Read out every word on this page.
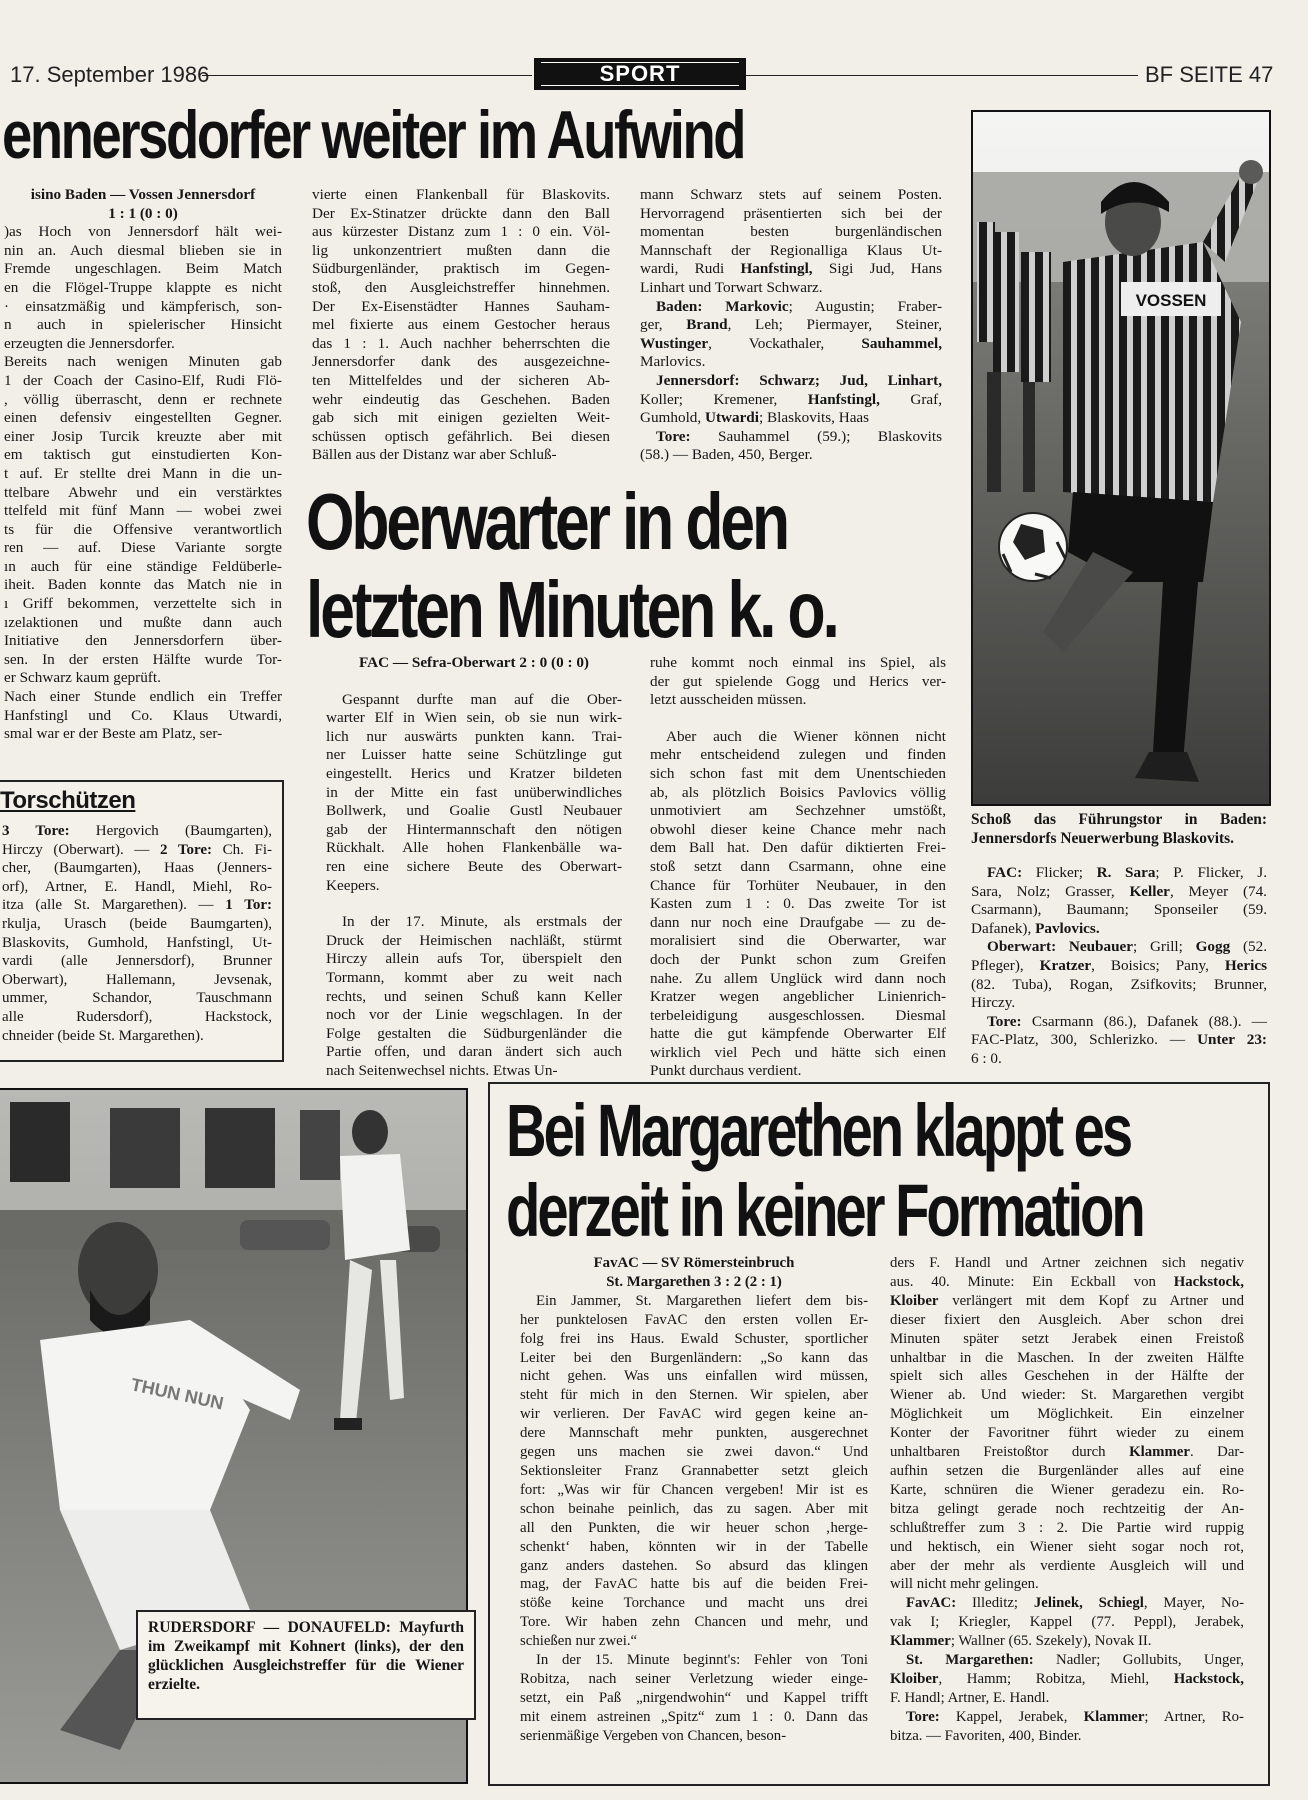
17. September 1986	SPORT	BF SEITE 47
ennersdorfer weiter im Aufwind

isino Baden — Vossen Jennersdorf

1 : 1 (0 : 0)

)as Hoch von Jennersdorf hält wei-

nin an. Auch diesmal blieben sie in

Fremde ungeschlagen. Beim Match

en die Flögel-Truppe klappte es nicht

· einsatzmäßig und kämpferisch, son-

n auch in spielerischer Hinsicht

erzeugten die Jennersdorfer.

Bereits nach wenigen Minuten gab

1 der Coach der Casino-Elf, Rudi Flö-

, völlig überrascht, denn er rechnete

einen defensiv eingestellten Gegner.

einer Josip Turcik kreuzte aber mit

em taktisch gut einstudierten Kon-

t auf. Er stellte drei Mann in die un-

ttelbare Abwehr und ein verstärktes

ttelfeld mit fünf Mann — wobei zwei

ts für die Offensive verantwortlich

ren — auf. Diese Variante sorgte

ın auch für eine ständige Feldüberle-

iheit. Baden konnte das Match nie in

ı Griff bekommen, verzettelte sich in

ızelaktionen und mußte dann auch

Initiative den Jennersdorfern über-

sen. In der ersten Hälfte wurde Tor-

er Schwarz kaum geprüft.

Nach einer Stunde endlich ein Treffer

Hanfstingl und Co. Klaus Utwardi,

smal war er der Beste am Platz, ser-

vierte einen Flankenball für Blaskovits.

Der Ex-Stinatzer drückte dann den Ball

aus kürzester Distanz zum 1 : 0 ein. Völ-

lig unkonzentriert mußten dann die

Südburgenländer, praktisch im Gegen-

stoß, den Ausgleichstreffer hinnehmen.

Der Ex-Eisenstädter Hannes Sauham-

mel fixierte aus einem Gestocher heraus

das 1 : 1. Auch nachher beherrschten die

Jennersdorfer dank des ausgezeichne-

ten Mittelfeldes und der sicheren Ab-

wehr eindeutig das Geschehen. Baden

gab sich mit einigen gezielten Weit-

schüssen optisch gefährlich. Bei diesen

Bällen aus der Distanz war aber Schluß-

mann Schwarz stets auf seinem Posten.

Hervorragend präsentierten sich bei der

momentan besten burgenländischen

Mannschaft der Regionalliga Klaus Ut-

wardi, Rudi Hanfstingl, Sigi Jud, Hans

Linhart und Torwart Schwarz.

Baden: Markovic; Augustin; Fraber-

ger, Brand, Leh; Piermayer, Steiner,

Wustinger, Vockathaler, Sauhammel,

Marlovics.

Jennersdorf: Schwarz; Jud, Linhart,

Koller; Kremener, Hanfstingl, Graf,

Gumhold, Utwardi; Blaskovits, Haas

Tore: Sauhammel (59.); Blaskovits

(58.) — Baden, 450, Berger.

Torschützen

3 Tore: Hergovich (Baumgarten),

Hirczy (Oberwart). — 2 Tore: Ch. Fi-

cher, (Baumgarten), Haas (Jenners-

orf), Artner, E. Handl, Miehl, Ro-

itza (alle St. Margarethen). — 1 Tor:

rkulja, Urasch (beide Baumgarten),

Blaskovits, Gumhold, Hanfstingl, Ut-

vardi (alle Jennersdorf), Brunner

Oberwart), Hallemann, Jevsenak,

ummer, Schandor, Tauschmann

alle Rudersdorf), Hackstock,

chneider (beide St. Margarethen).

VOSSEN
Schoß das Führungstor in Baden: Jennersdorfs Neuerwerbung Blaskovits.

FAC: Flicker; R. Sara; P. Flicker, J.

Sara, Nolz; Grasser, Keller, Meyer (74.

Csarmann), Baumann; Sponseiler (59.

Dafanek), Pavlovics.

Oberwart: Neubauer; Grill; Gogg (52.

Pfleger), Kratzer, Boisics; Pany, Herics

(82. Tuba), Rogan, Zsifkovits; Brunner,

Hirczy.

Tore: Csarmann (86.), Dafanek (88.). —

FAC-Platz, 300, Schlerizko. — Unter 23:

6 : 0.

Oberwarter in den
letzten Minuten k. o.

FAC — Sefra-Oberwart 2 : 0 (0 : 0)

Gespannt durfte man auf die Ober-

warter Elf in Wien sein, ob sie nun wirk-

lich nur auswärts punkten kann. Trai-

ner Luisser hatte seine Schützlinge gut

eingestellt. Herics und Kratzer bildeten

in der Mitte ein fast unüberwindliches

Bollwerk, und Goalie Gustl Neubauer

gab der Hintermannschaft den nötigen

Rückhalt. Alle hohen Flankenbälle wa-

ren eine sichere Beute des Oberwart-

Keepers.

In der 17. Minute, als erstmals der

Druck der Heimischen nachläßt, stürmt

Hirczy allein aufs Tor, überspielt den

Tormann, kommt aber zu weit nach

rechts, und seinen Schuß kann Keller

noch vor der Linie wegschlagen. In der

Folge gestalten die Südburgenländer die

Partie offen, und daran ändert sich auch

nach Seitenwechsel nichts. Etwas Un-

ruhe kommt noch einmal ins Spiel, als

der gut spielende Gogg und Herics ver-

letzt ausscheiden müssen.

Aber auch die Wiener können nicht

mehr entscheidend zulegen und finden

sich schon fast mit dem Unentschieden

ab, als plötzlich Boisics Pavlovics völlig

unmotiviert am Sechzehner umstößt,

obwohl dieser keine Chance mehr nach

dem Ball hat. Den dafür diktierten Frei-

stoß setzt dann Csarmann, ohne eine

Chance für Torhüter Neubauer, in den

Kasten zum 1 : 0. Das zweite Tor ist

dann nur noch eine Draufgabe — zu de-

moralisiert sind die Oberwarter, war

doch der Punkt schon zum Greifen

nahe. Zu allem Unglück wird dann noch

Kratzer wegen angeblicher Linienrich-

terbeleidigung ausgeschlossen. Diesmal

hatte die gut kämpfende Oberwarter Elf

wirklich viel Pech und hätte sich einen

Punkt durchaus verdient.

THUN NUN
RUDERSDORF — DONAUFELD: Mayfurth im Zweikampf mit Kohnert (links), der den glücklichen Ausgleichstreffer für die Wiener erzielte.
Bei Margarethen klappt es
derzeit in keiner Formation

FavAC — SV Römersteinbruch

St. Margarethen 3 : 2 (2 : 1)

Ein Jammer, St. Margarethen liefert dem bis-

her punktelosen FavAC den ersten vollen Er-

folg frei ins Haus. Ewald Schuster, sportlicher

Leiter bei den Burgenländern: „So kann das

nicht gehen. Was uns einfallen wird müssen,

steht für mich in den Sternen. Wir spielen, aber

wir verlieren. Der FavAC wird gegen keine an-

dere Mannschaft mehr punkten, ausgerechnet

gegen uns machen sie zwei davon.“ Und

Sektionsleiter Franz Grannabetter setzt gleich

fort: „Was wir für Chancen vergeben! Mir ist es

schon beinahe peinlich, das zu sagen. Aber mit

all den Punkten, die wir heuer schon ‚herge-

schenkt‘ haben, könnten wir in der Tabelle

ganz anders dastehen. So absurd das klingen

mag, der FavAC hatte bis auf die beiden Frei-

stöße keine Torchance und macht uns drei

Tore. Wir haben zehn Chancen und mehr, und

schießen nur zwei.“

In der 15. Minute beginnt's: Fehler von Toni

Robitza, nach seiner Verletzung wieder einge-

setzt, ein Paß „nirgendwohin“ und Kappel trifft

mit einem astreinen „Spitz“ zum 1 : 0. Dann das

serienmäßige Vergeben von Chancen, beson-

ders F. Handl und Artner zeichnen sich negativ

aus. 40. Minute: Ein Eckball von Hackstock,

Kloiber verlängert mit dem Kopf zu Artner und

dieser fixiert den Ausgleich. Aber schon drei

Minuten später setzt Jerabek einen Freistoß

unhaltbar in die Maschen. In der zweiten Hälfte

spielt sich alles Geschehen in der Hälfte der

Wiener ab. Und wieder: St. Margarethen vergibt

Möglichkeit um Möglichkeit. Ein einzelner

Konter der Favoritner führt wieder zu einem

unhaltbaren Freistoßtor durch Klammer. Dar-

aufhin setzen die Burgenländer alles auf eine

Karte, schnüren die Wiener geradezu ein. Ro-

bitza gelingt gerade noch rechtzeitig der An-

schlußtreffer zum 3 : 2. Die Partie wird ruppig

und hektisch, ein Wiener sieht sogar noch rot,

aber der mehr als verdiente Ausgleich will und

will nicht mehr gelingen.

FavAC: Illeditz; Jelinek, Schiegl, Mayer, No-

vak I; Kriegler, Kappel (77. Peppl), Jerabek,

Klammer; Wallner (65. Szekely), Novak II.

St. Margarethen: Nadler; Gollubits, Unger,

Kloiber, Hamm; Robitza, Miehl, Hackstock,

F. Handl; Artner, E. Handl.

Tore: Kappel, Jerabek, Klammer; Artner, Ro-

bitza. — Favoriten, 400, Binder.
